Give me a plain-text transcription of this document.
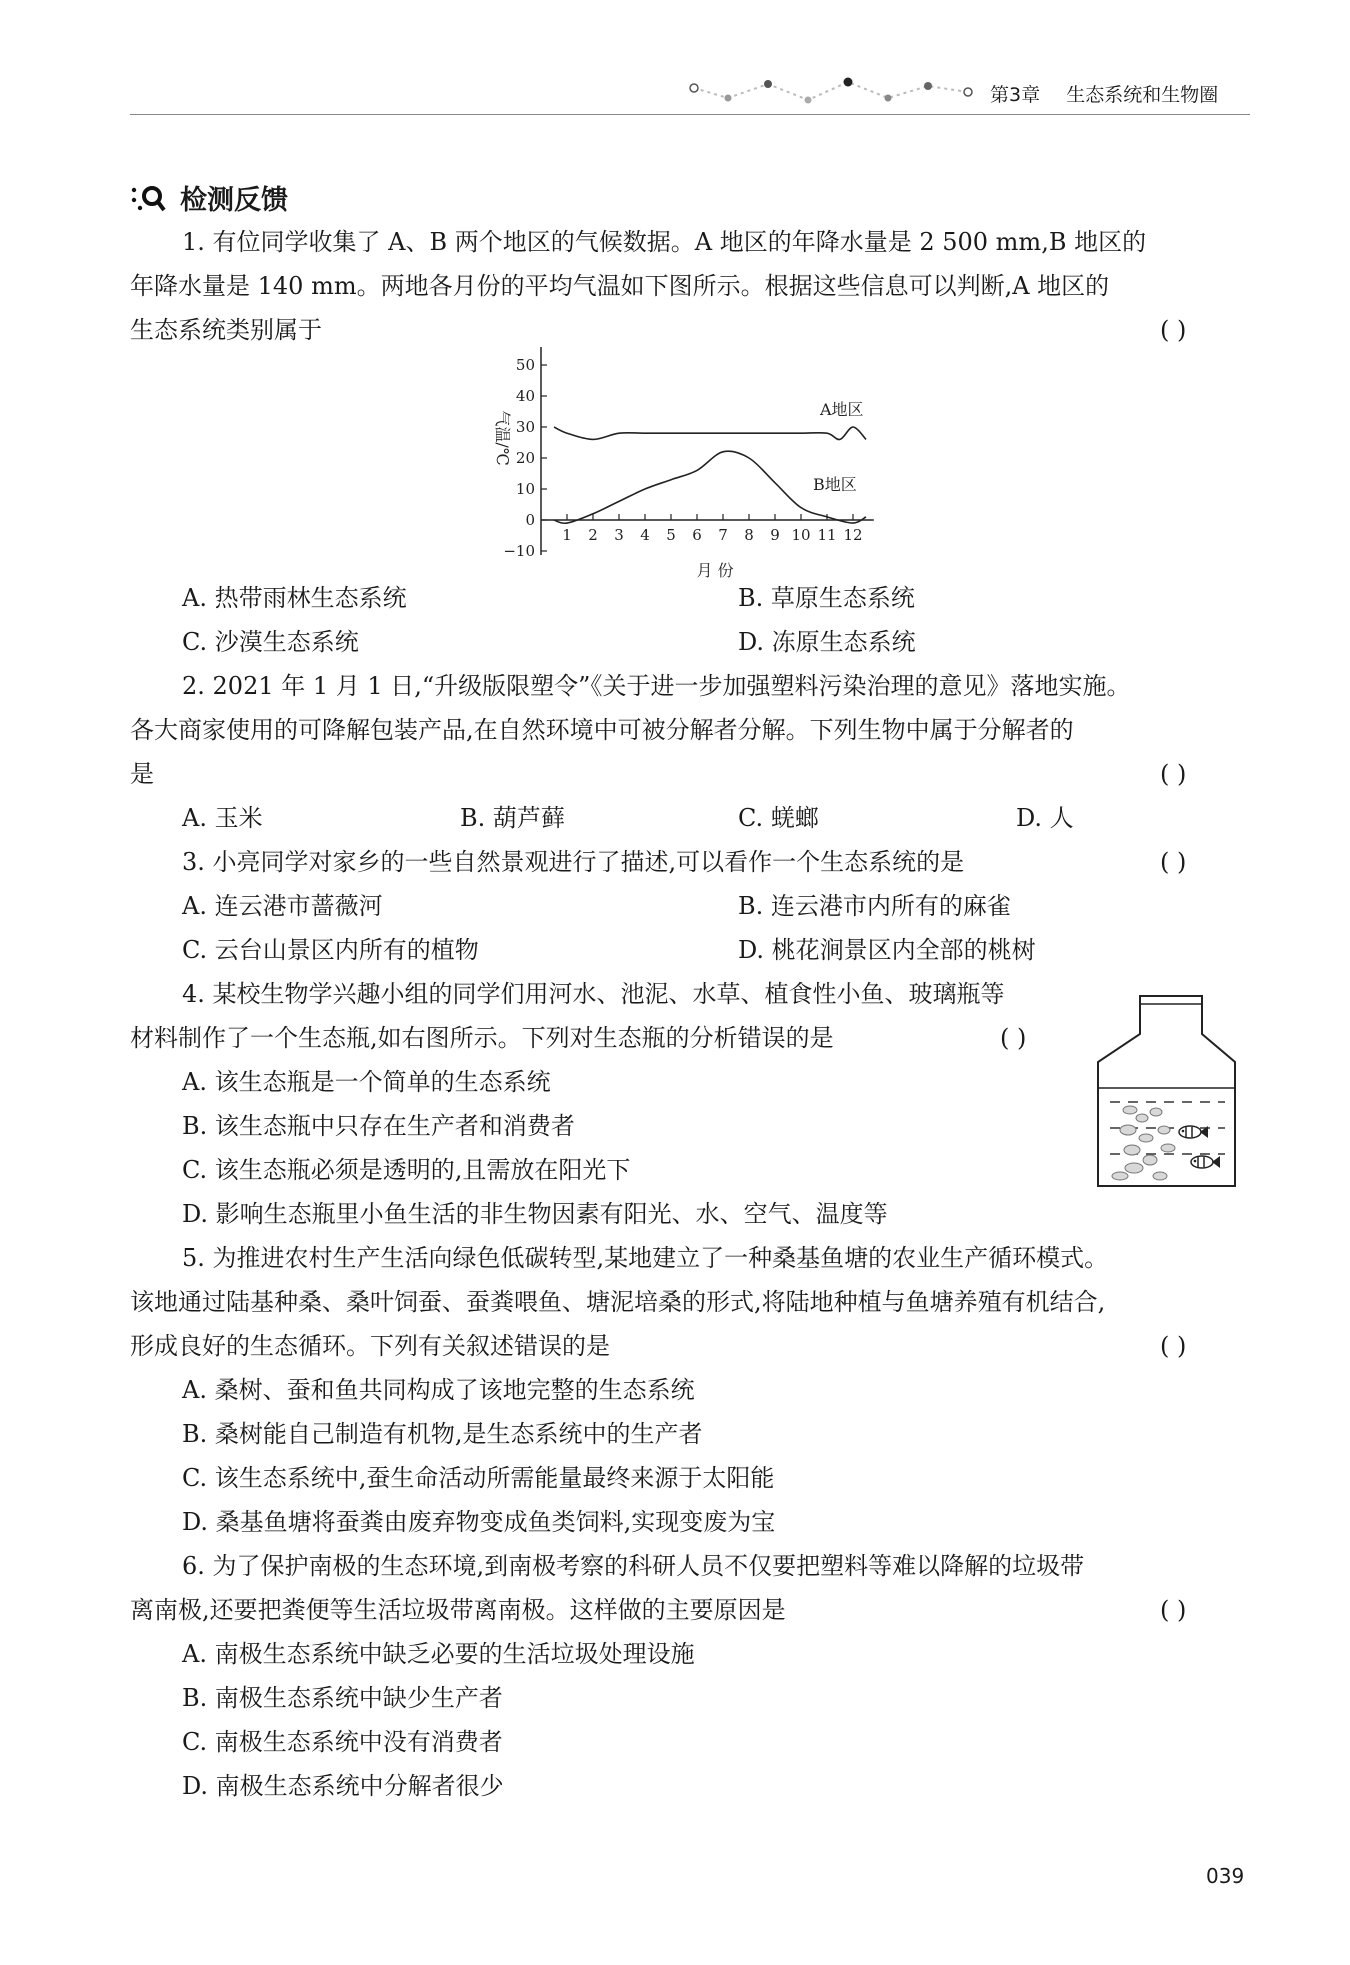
第3章 生态系统和生物圈
检测反馈
1. 有位同学收集了 A、B 两个地区的气候数据。A 地区的年降水量是 2 500 mm,B 地区的
年降水量是 140 mm。两地各月份的平均气温如下图所示。根据这些信息可以判断,A 地区的
生态系统类别属于	( )
50
40
30
20
10
0
−10
1 2 3 4 5 6 7 8 9 10 11 12
气温/℃
月 份
A地区
B地区
A. 热带雨林生态系统	B. 草原生态系统
C. 沙漠生态系统	D. 冻原生态系统
2. 2021 年 1 月 1 日,“升级版限塑令”《关于进一步加强塑料污染治理的意见》落地实施。
各大商家使用的可降解包装产品,在自然环境中可被分解者分解。下列生物中属于分解者的
是	( )
A. 玉米	B. 葫芦藓	C. 蜣螂	D. 人
3. 小亮同学对家乡的一些自然景观进行了描述,可以看作一个生态系统的是	( )
A. 连云港市蔷薇河	B. 连云港市内所有的麻雀
C. 云台山景区内所有的植物	D. 桃花涧景区内全部的桃树
4. 某校生物学兴趣小组的同学们用河水、池泥、水草、植食性小鱼、玻璃瓶等
材料制作了一个生态瓶,如右图所示。下列对生态瓶的分析错误的是	( )
A. 该生态瓶是一个简单的生态系统
B. 该生态瓶中只存在生产者和消费者
C. 该生态瓶必须是透明的,且需放在阳光下
D. 影响生态瓶里小鱼生活的非生物因素有阳光、水、空气、温度等
5. 为推进农村生产生活向绿色低碳转型,某地建立了一种桑基鱼塘的农业生产循环模式。
该地通过陆基种桑、桑叶饲蚕、蚕粪喂鱼、塘泥培桑的形式,将陆地种植与鱼塘养殖有机结合,
形成良好的生态循环。下列有关叙述错误的是	( )
A. 桑树、蚕和鱼共同构成了该地完整的生态系统
B. 桑树能自己制造有机物,是生态系统中的生产者
C. 该生态系统中,蚕生命活动所需能量最终来源于太阳能
D. 桑基鱼塘将蚕粪由废弃物变成鱼类饲料,实现变废为宝
6. 为了保护南极的生态环境,到南极考察的科研人员不仅要把塑料等难以降解的垃圾带
离南极,还要把粪便等生活垃圾带离南极。这样做的主要原因是	( )
A. 南极生态系统中缺乏必要的生活垃圾处理设施
B. 南极生态系统中缺少生产者
C. 南极生态系统中没有消费者
D. 南极生态系统中分解者很少
039
